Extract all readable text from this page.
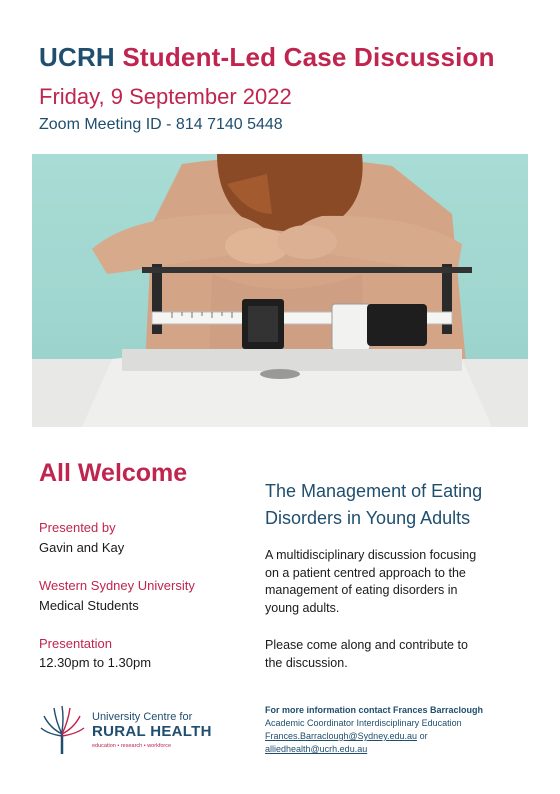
UCRH Student-Led Case Discussion
Friday, 9 September 2022
Zoom Meeting ID - 814 7140 5448
All Welcome
Presented by
Gavin and Kay
Western Sydney University
Medical Students
Presentation
12.30pm to 1.30pm
The Management of Eating
Disorders in Young Adults
A multidisciplinary discussion focusing
on a patient centred approach to the
management of eating disorders in
young adults.
Please come along and contribute to
the discussion.
University Centre for
RURAL HEALTH
education • research • workforce
For more information contact Frances Barraclough
Academic Coordinator Interdisciplinary Education
Frances.Barraclough@Sydney.edu.au or
alliedhealth@ucrh.edu.au
